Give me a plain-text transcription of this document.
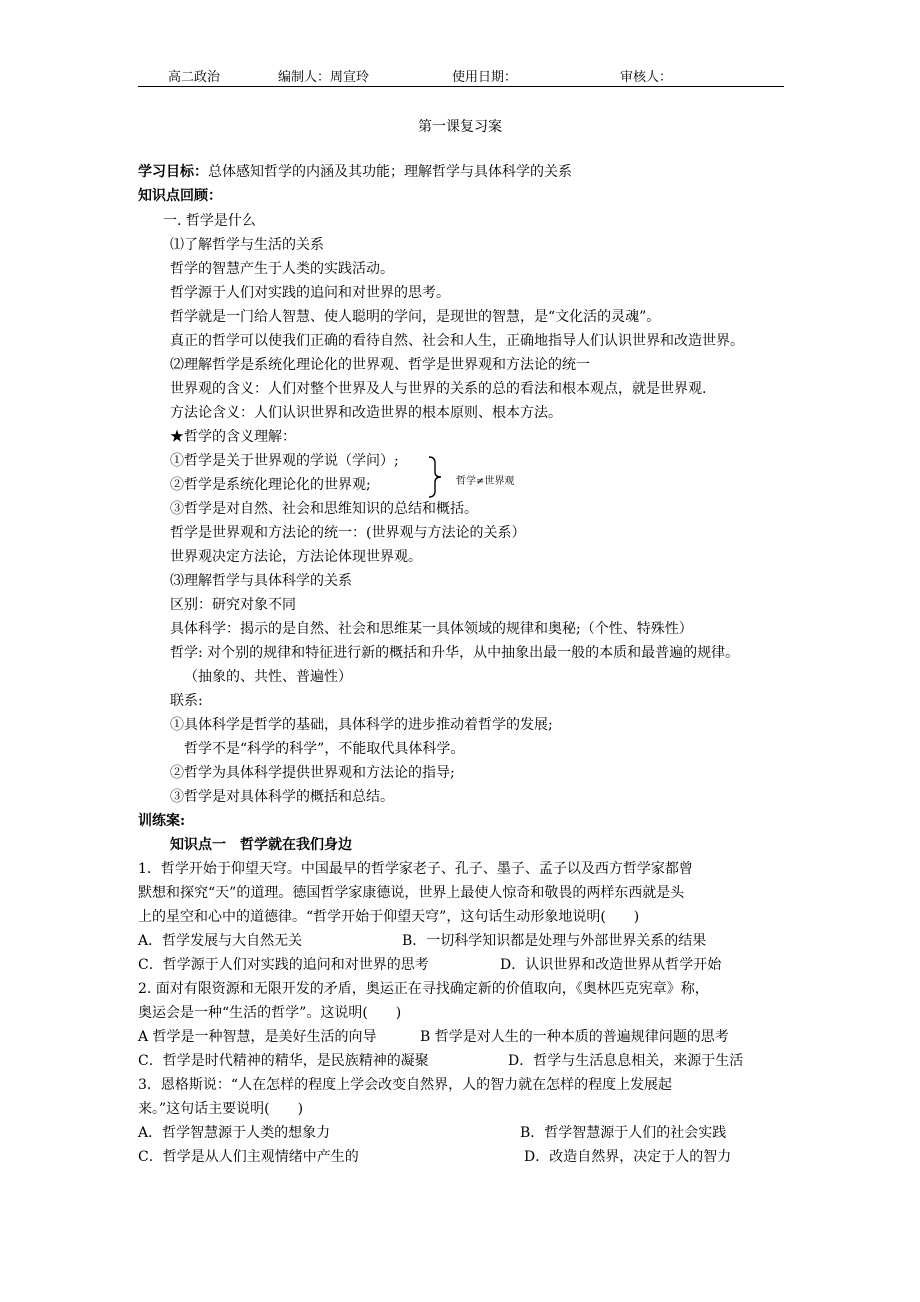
高二政治	编制人：周宣玲	使用日期：	审核人：
第一课复习案
学习目标：总体感知哲学的内涵及其功能；理解哲学与具体科学的关系
知识点回顾：
一. 哲学是什么
⑴了解哲学与生活的关系
哲学的智慧产生于人类的实践活动。
哲学源于人们对实践的追问和对世界的思考。
哲学就是一门给人智慧、使人聪明的学问，是现世的智慧，是“文化活的灵魂”。
真正的哲学可以使我们正确的看待自然、社会和人生，正确地指导人们认识世界和改造世界。
⑵理解哲学是系统化理论化的世界观、哲学是世界观和方法论的统一
世界观的含义：人们对整个世界及人与世界的关系的总的看法和根本观点，就是世界观.
方法论含义：人们认识世界和改造世界的根本原则、根本方法。
★哲学的含义理解：
①哲学是关于世界观的学说（学问）;
②哲学是系统化理论化的世界观;	哲学≠世界观
③哲学是对自然、社会和思维知识的总结和概括。
哲学是世界观和方法论的统一：(世界观与方法论的关系）
世界观决定方法论，方法论体现世界观。
⑶理解哲学与具体科学的关系
区别：研究对象不同
具体科学：揭示的是自然、社会和思维某一具体领域的规律和奥秘;（个性、特殊性）
哲学: 对个别的规律和特征进行新的概括和升华，从中抽象出最一般的本质和最普遍的规律。
（抽象的、共性、普遍性）
联系:
①具体科学是哲学的基础，具体科学的进步推动着哲学的发展;
哲学不是“科学的科学”，不能取代具体科学。
②哲学为具体科学提供世界观和方法论的指导;
③哲学是对具体科学的概括和总结。
训练案:
知识点一　哲学就在我们身边
1．哲学开始于仰望天穹。中国最早的哲学家老子、孔子、墨子、孟子以及西方哲学家都曾
默想和探究“天”的道理。德国哲学家康德说，世界上最使人惊奇和敬畏的两样东西就是头
上的星空和心中的道德律。“哲学开始于仰望天穹”，这句话生动形象地说明(　　)
A．哲学发展与大自然无关	B．一切科学知识都是处理与外部世界关系的结果
C．哲学源于人们对实践的追问和对世界的思考	D．认识世界和改造世界从哲学开始
2. 面对有限资源和无限开发的矛盾，奥运正在寻找确定新的价值取向，《奥林匹克宪章》称，
奥运会是一种“生活的哲学”。这说明(　　)
A 哲学是一种智慧，是美好生活的向导	B 哲学是对人生的一种本质的普遍规律问题的思考
C．哲学是时代精神的精华，是民族精神的凝聚	D．哲学与生活息息相关，来源于生活
3．恩格斯说：“人在怎样的程度上学会改变自然界，人的智力就在怎样的程度上发展起
来。”这句话主要说明(　　)
A．哲学智慧源于人类的想象力	B．哲学智慧源于人们的社会实践
C．哲学是从人们主观情绪中产生的	D．改造自然界，决定于人的智力
